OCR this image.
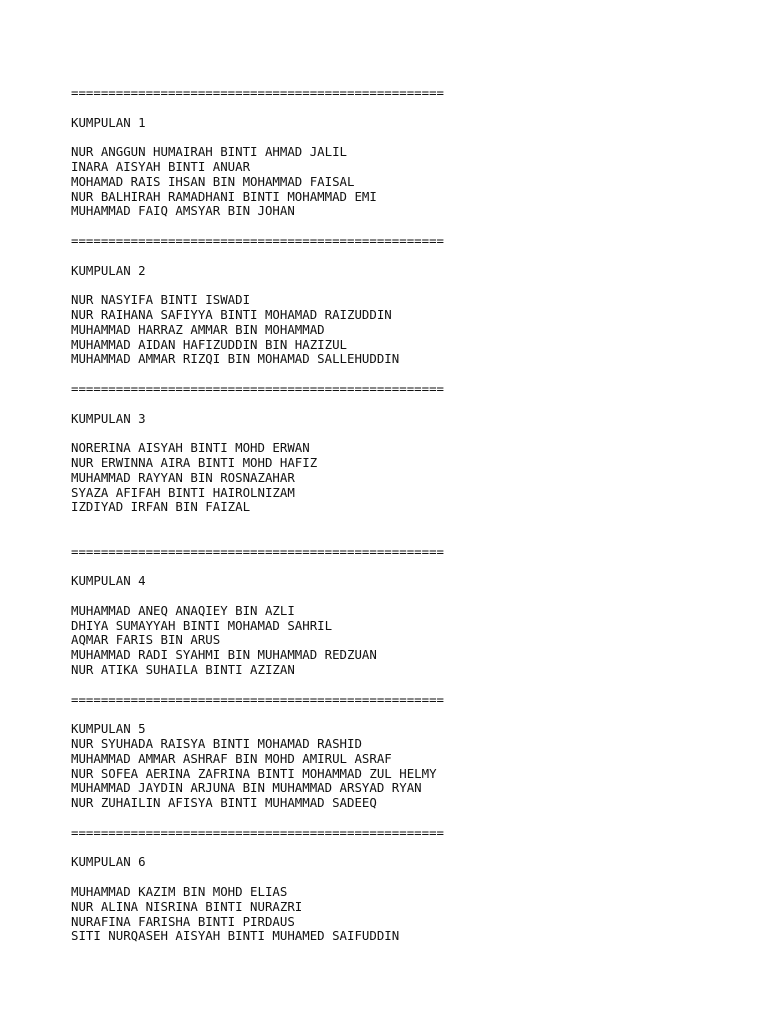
==================================================
KUMPULAN 1
NUR ANGGUN HUMAIRAH BINTI AHMAD JALIL
INARA AISYAH BINTI ANUAR
MOHAMAD RAIS IHSAN BIN MOHAMMAD FAISAL
NUR BALHIRAH RAMADHANI BINTI MOHAMMAD EMI
MUHAMMAD FAIQ AMSYAR BIN JOHAN
==================================================
KUMPULAN 2
NUR NASYIFA BINTI ISWADI
NUR RAIHANA SAFIYYA BINTI MOHAMAD RAIZUDDIN
MUHAMMAD HARRAZ AMMAR BIN MOHAMMAD
MUHAMMAD AIDAN HAFIZUDDIN BIN HAZIZUL
MUHAMMAD AMMAR RIZQI BIN MOHAMAD SALLEHUDDIN
==================================================
KUMPULAN 3
NORERINA AISYAH BINTI MOHD ERWAN
NUR ERWINNA AIRA BINTI MOHD HAFIZ
MUHAMMAD RAYYAN BIN ROSNAZAHAR
SYAZA AFIFAH BINTI HAIROLNIZAM
IZDIYAD IRFAN BIN FAIZAL
==================================================
KUMPULAN 4
MUHAMMAD ANEQ ANAQIEY BIN AZLI
DHIYA SUMAYYAH BINTI MOHAMAD SAHRIL
AQMAR FARIS BIN ARUS
MUHAMMAD RADI SYAHMI BIN MUHAMMAD REDZUAN
NUR ATIKA SUHAILA BINTI AZIZAN
==================================================
KUMPULAN 5
NUR SYUHADA RAISYA BINTI MOHAMAD RASHID
MUHAMMAD AMMAR ASHRAF BIN MOHD AMIRUL ASRAF
NUR SOFEA AERINA ZAFRINA BINTI MOHAMMAD ZUL HELMY
MUHAMMAD JAYDIN ARJUNA BIN MUHAMMAD ARSYAD RYAN
NUR ZUHAILIN AFISYA BINTI MUHAMMAD SADEEQ
==================================================
KUMPULAN 6
MUHAMMAD KAZIM BIN MOHD ELIAS
NUR ALINA NISRINA BINTI NURAZRI
NURAFINA FARISHA BINTI PIRDAUS
SITI NURQASEH AISYAH BINTI MUHAMED SAIFUDDIN
